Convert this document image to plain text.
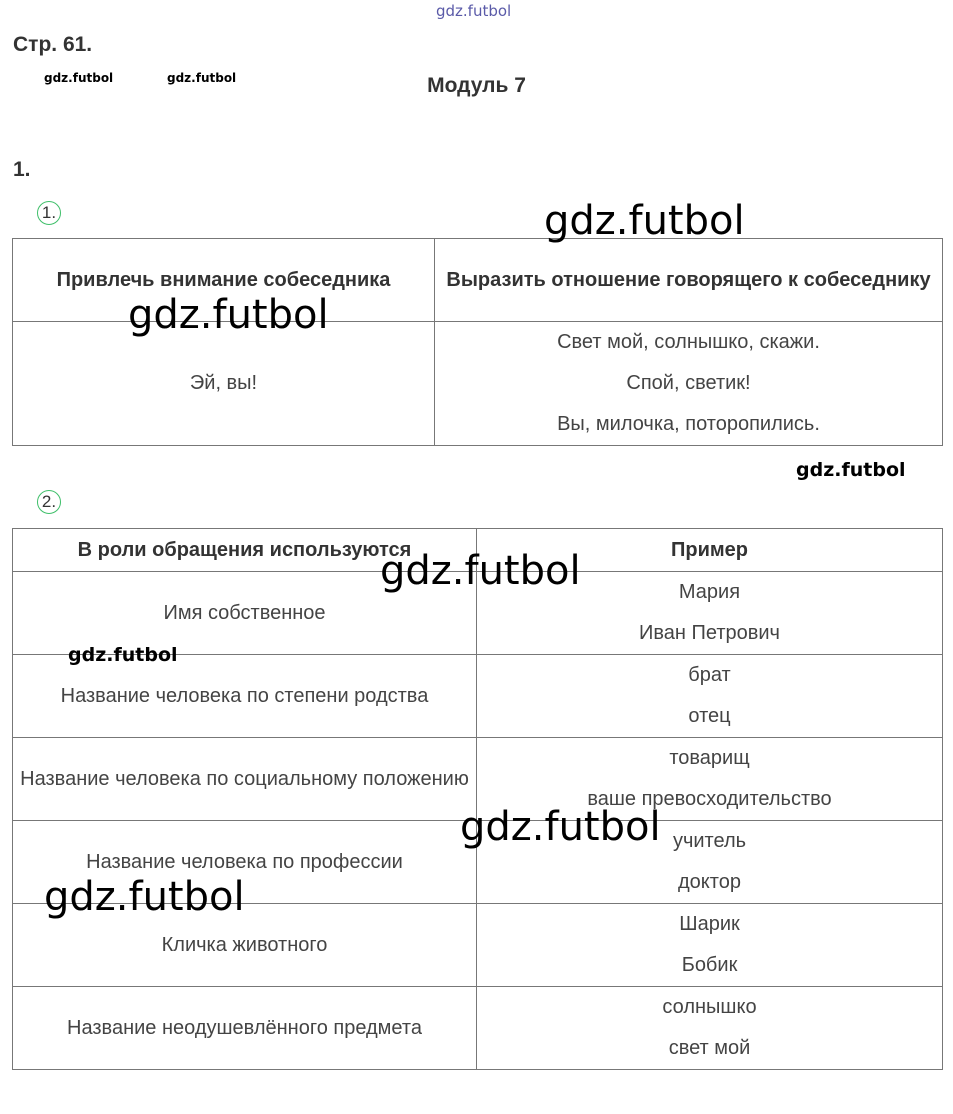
gdz.futbol
Стр. 61.
gdz.futbol	gdz.futbol	Модуль 7
1.
1.
Привлечь внимание собеседника	Выразить отношение говорящего к собеседнику
Эй, вы!	Свет мой, солнышко, скажи.
Спой, светик!
Вы, милочка, поторопились.
gdz.futbol
2.
В роли обращения используются	Пример
Имя собственное	Мария
Иван Петрович

Название человека по степени родства	брат
отец

Название человека по социальному положению	товарищ
ваше превосходительство

Название человека по профессии	учитель
доктор

Кличка животного	Шарик
Бобик

Название неодушевлённого предмета	солнышко
свет мой
gdz.futbol
gdz.futbol
gdz.futbol
gdz.futbol
gdz.futbol
gdz.futbol
